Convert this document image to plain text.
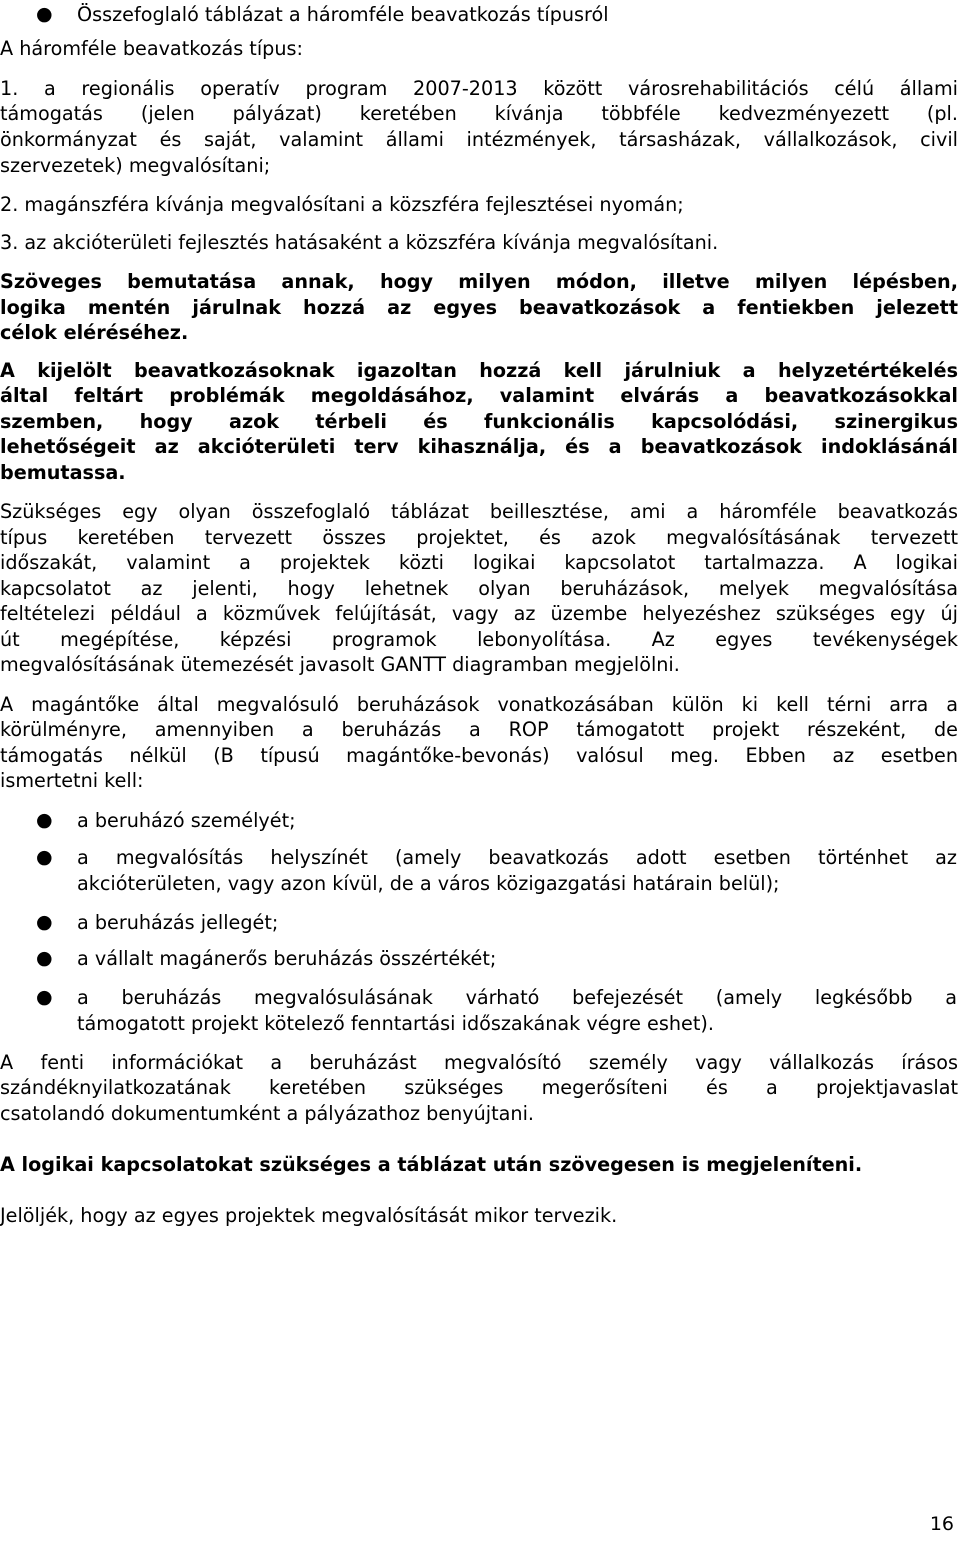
● Összefoglaló táblázat a háromféle beavatkozás típusról
A háromféle beavatkozás típus:
1. a regionális operatív program 2007-2013 között városrehabilitációs célú állami
támogatás (jelen pályázat) keretében kívánja többféle kedvezményezett (pl.
önkormányzat és saját, valamint állami intézmények, társasházak, vállalkozások, civil
szervezetek) megvalósítani;
2. magánszféra kívánja megvalósítani a közszféra fejlesztései nyomán;
3. az akcióterületi fejlesztés hatásaként a közszféra kívánja megvalósítani.
Szöveges bemutatása annak, hogy milyen módon, illetve milyen lépésben,
logika mentén járulnak hozzá az egyes beavatkozások a fentiekben jelezett
célok eléréséhez.
A kijelölt beavatkozásoknak igazoltan hozzá kell járulniuk a helyzetértékelés
által feltárt problémák megoldásához, valamint elvárás a beavatkozásokkal
szemben, hogy azok térbeli és funkcionális kapcsolódási, szinergikus
lehetőségeit az akcióterületi terv kihasználja, és a beavatkozások indoklásánál
bemutassa.
Szükséges egy olyan összefoglaló táblázat beillesztése, ami a háromféle beavatkozás
típus keretében tervezett összes projektet, és azok megvalósításának tervezett
időszakát, valamint a projektek közti logikai kapcsolatot tartalmazza. A logikai
kapcsolatot az jelenti, hogy lehetnek olyan beruházások, melyek megvalósítása
feltételezi például a közművek felújítását, vagy az üzembe helyezéshez szükséges egy új
út megépítése, képzési programok lebonyolítása. Az egyes tevékenységek
megvalósításának ütemezését javasolt GANTT diagramban megjelölni.
A magántőke által megvalósuló beruházások vonatkozásában külön ki kell térni arra a
körülményre, amennyiben a beruházás a ROP támogatott projekt részeként, de
támogatás nélkül (B típusú magántőke-bevonás) valósul meg. Ebben az esetben
ismertetni kell:
● a beruházó személyét;
● a megvalósítás helyszínét (amely beavatkozás adott esetben történhet az
akcióterületen, vagy azon kívül, de a város közigazgatási határain belül);
● a beruházás jellegét;
● a vállalt magánerős beruházás összértékét;
● a beruházás megvalósulásának várható befejezését (amely legkésőbb a
támogatott projekt kötelező fenntartási időszakának végre eshet).
A fenti információkat a beruházást megvalósító személy vagy vállalkozás írásos
szándéknyilatkozatának keretében szükséges megerősíteni és a projektjavaslat
csatolandó dokumentumként a pályázathoz benyújtani.
A logikai kapcsolatokat szükséges a táblázat után szövegesen is megjeleníteni.
Jelöljék, hogy az egyes projektek megvalósítását mikor tervezik.
16
